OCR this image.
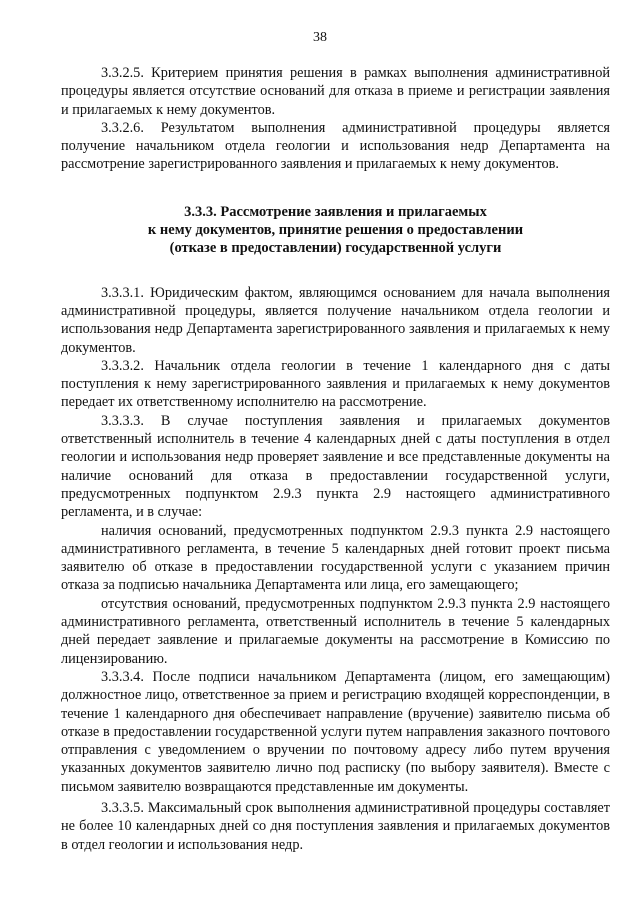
38

3.3.2.5. Критерием принятия решения в рамках выполнения административной процедуры является отсутствие оснований для отказа в приеме и регистрации заявления и прилагаемых к нему документов.

3.3.2.6. Результатом выполнения административной процедуры является получение начальником отдела геологии и использования недр Департамента на рассмотрение зарегистрированного заявления и прилагаемых к нему документов.

3.3.3. Рассмотрение заявления и прилагаемых
к нему документов, принятие решения о предоставлении
(отказе в предоставлении) государственной услуги

3.3.3.1. Юридическим фактом, являющимся основанием для начала выполнения административной процедуры, является получение начальником отдела геологии и использования недр Департамента зарегистрированного заявления и прилагаемых к нему документов.

3.3.3.2. Начальник отдела геологии в течение 1 календарного дня с даты поступления к нему зарегистрированного заявления и прилагаемых к нему документов передает их ответственному исполнителю на рассмотрение.

3.3.3.3. В случае поступления заявления и прилагаемых документов ответственный исполнитель в течение 4 календарных дней с даты поступления в отдел геологии и использования недр проверяет заявление и все представленные документы на наличие оснований для отказа в предоставлении государственной услуги, предусмотренных подпунктом 2.9.3 пункта 2.9 настоящего административного регламента, и в случае:

наличия оснований, предусмотренных подпунктом 2.9.3 пункта 2.9 настоящего административного регламента, в течение 5 календарных дней готовит проект письма заявителю об отказе в предоставлении государственной услуги с указанием причин отказа за подписью начальника Департамента или лица, его замещающего;

отсутствия оснований, предусмотренных подпунктом 2.9.3 пункта 2.9 настоящего административного регламента, ответственный исполнитель в течение 5 календарных дней передает заявление и прилагаемые документы на рассмотрение в Комиссию по лицензированию.

3.3.3.4. После подписи начальником Департамента (лицом, его замещающим) должностное лицо, ответственное за прием и регистрацию входящей корреспонденции, в течение 1 календарного дня обеспечивает направление (вручение) заявителю письма об отказе в предоставлении государственной услуги путем направления заказного почтового отправления с уведомлением о вручении по почтовому адресу либо путем вручения указанных документов заявителю лично под расписку (по выбору заявителя). Вместе с письмом заявителю возвращаются представленные им документы.

3.3.3.5. Максимальный срок выполнения административной процедуры составляет не более 10 календарных дней со дня поступления заявления и прилагаемых документов в отдел геологии и использования недр.
